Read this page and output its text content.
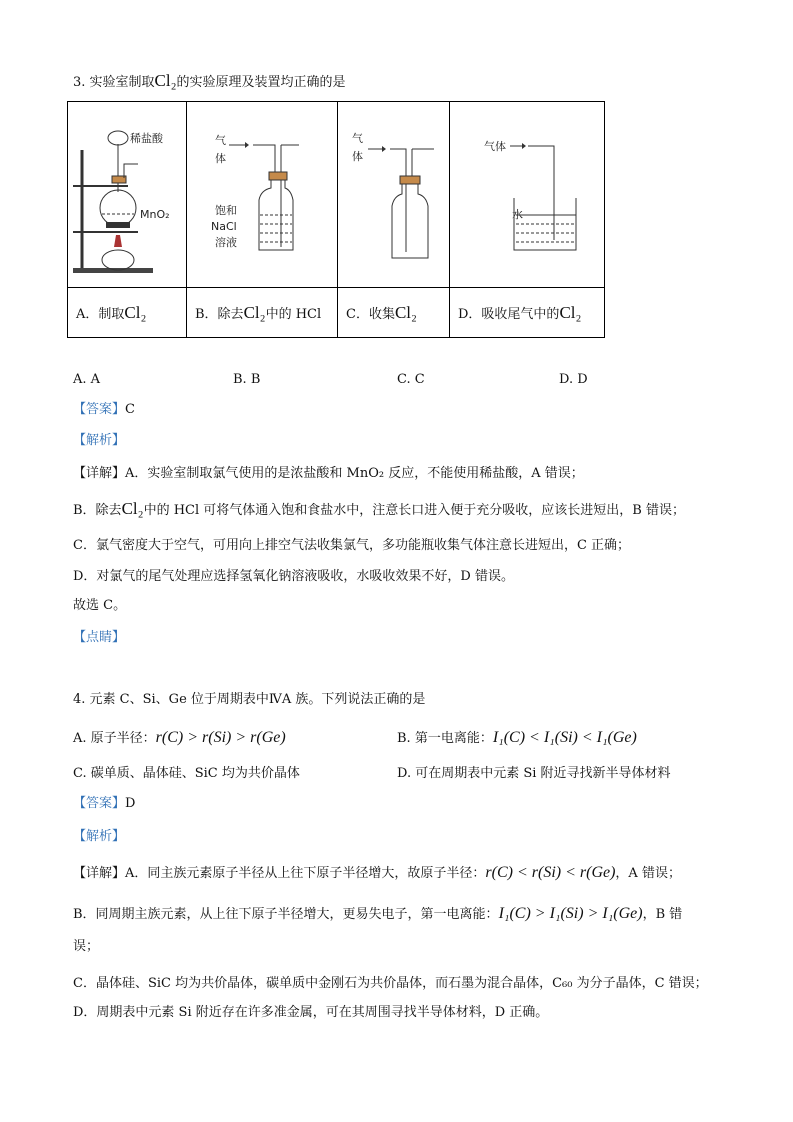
3. 实验室制取Cl₂的实验原理及装置均正确的是
稀盐酸
MnO₂	气
体
饱和
NaCl
溶液	气
体	气体
水

A．制取Cl₂	B．除去Cl₂中的 HCl	C．收集Cl₂	D．吸收尾气中的Cl₂
A. A	B. B	C. C	D. D
【答案】C
【解析】
【详解】A．实验室制取氯气使用的是浓盐酸和 MnO₂ 反应，不能使用稀盐酸，A 错误；
B．除去Cl₂中的 HCl 可将气体通入饱和食盐水中，注意长口进入便于充分吸收，应该长进短出，B 错误；
C．氯气密度大于空气，可用向上排空气法收集氯气，多功能瓶收集气体注意长进短出，C 正确；
D．对氯气的尾气处理应选择氢氧化钠溶液吸收，水吸收效果不好，D 错误。
故选 C。
【点睛】
4. 元素 C、Si、Ge 位于周期表中ⅣA 族。下列说法正确的是
A. 原子半径：r(C) > r(Si) > r(Ge)	B. 第一电离能：I₁(C) < I₁(Si) < I₁(Ge)
C. 碳单质、晶体硅、SiC 均为共价晶体	D. 可在周期表中元素 Si 附近寻找新半导体材料
【答案】D
【解析】
【详解】A．同主族元素原子半径从上往下原子半径增大，故原子半径：r(C) < r(Si) < r(Ge)，A 错误；
B．同周期主族元素，从上往下原子半径增大，更易失电子，第一电离能：I₁(C) > I₁(Si) > I₁(Ge)，B 错
误；
C．晶体硅、SiC 均为共价晶体，碳单质中金刚石为共价晶体，而石墨为混合晶体，C₆₀ 为分子晶体，C 错误；
D．周期表中元素 Si 附近存在许多准金属，可在其周围寻找半导体材料，D 正确。
